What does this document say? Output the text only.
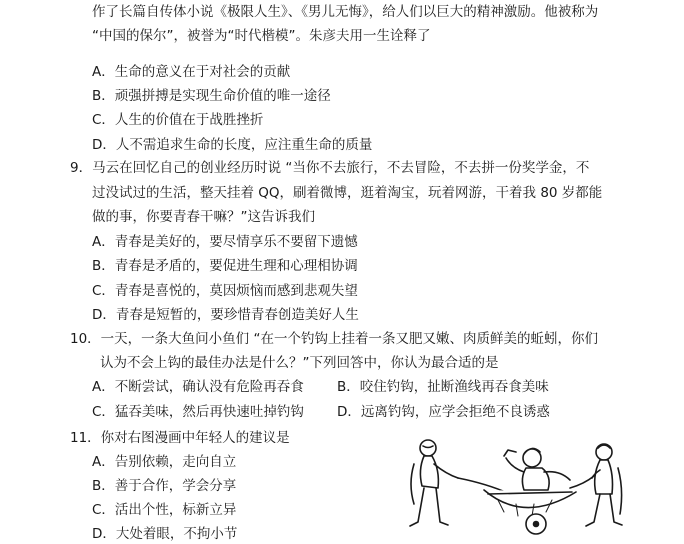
作了长篇自传体小说《极限人生》、《男儿无悔》，给人们以巨大的精神激励。他被称为
“中国的保尔”，被誉为“时代楷模”。朱彦夫用一生诠释了
A．生命的意义在于对社会的贡献
B．顽强拼搏是实现生命价值的唯一途径
C．人生的价值在于战胜挫折
D．人不需追求生命的长度，应注重生命的质量
9．马云在回忆自己的创业经历时说 “当你不去旅行，不去冒险，不去拼一份奖学金，不
过没试过的生活，整天挂着 QQ，刷着微博，逛着淘宝，玩着网游，干着我 80 岁都能
做的事，你要青春干嘛？”这告诉我们
A．青春是美好的，要尽情享乐不要留下遗憾
B．青春是矛盾的，要促进生理和心理相协调
C．青春是喜悦的，莫因烦恼而感到悲观失望
D．青春是短暂的，要珍惜青春创造美好人生
10．一天，一条大鱼问小鱼们 “在一个钓钩上挂着一条又肥又嫩、肉质鲜美的蚯蚓，你们
认为不会上钩的最佳办法是什么？”下列回答中，你认为最合适的是
A．不断尝试，确认没有危险再吞食 B．咬住钓钩，扯断渔线再吞食美味
C．猛吞美味，然后再快速吐掉钓钩 D．远离钓钩，应学会拒绝不良诱惑
11．你对右图漫画中年轻人的建议是
A．告别依赖，走向自立
B．善于合作，学会分享
C．活出个性，标新立异
D．大处着眼，不拘小节
